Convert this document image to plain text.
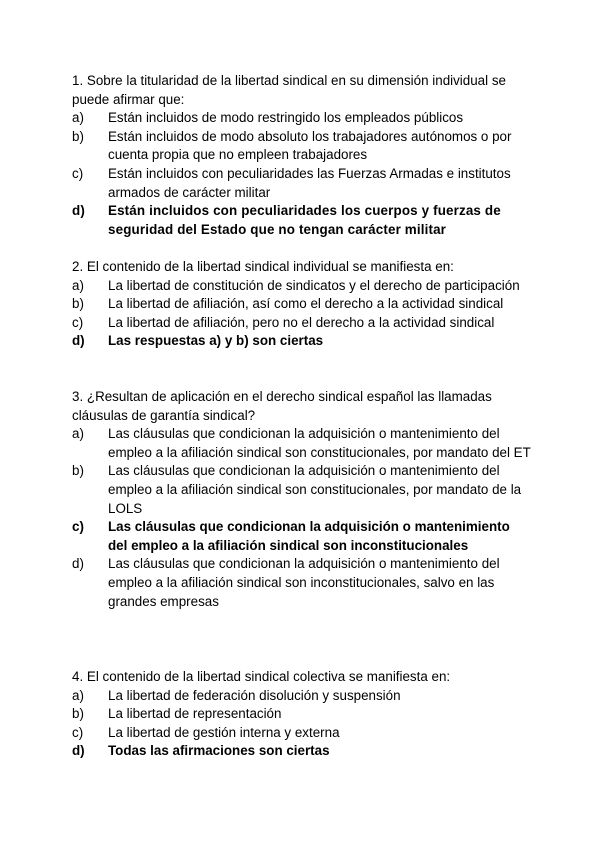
1. Sobre la titularidad de la libertad sindical en su dimensión individual se puede afirmar que:

a) Están incluidos de modo restringido los empleados públicos
b) Están incluidos de modo absoluto los trabajadores autónomos o por cuenta propia que no empleen trabajadores
c) Están incluidos con peculiaridades las Fuerzas Armadas e institutos armados de carácter militar
d) Están incluidos con peculiaridades los cuerpos y fuerzas de seguridad del Estado que no tengan carácter militar

2. El contenido de la libertad sindical individual se manifiesta en:

a) La libertad de constitución de sindicatos y el derecho de participación
b) La libertad de afiliación, así como el derecho a la actividad sindical
c) La libertad de afiliación, pero no el derecho a la actividad sindical
d) Las respuestas a) y b) son ciertas

3. ¿Resultan de aplicación en el derecho sindical español las llamadas cláusulas de garantía sindical?

a) Las cláusulas que condicionan la adquisición o mantenimiento del empleo a la afiliación sindical son constitucionales, por mandato del ET
b) Las cláusulas que condicionan la adquisición o mantenimiento del empleo a la afiliación sindical son constitucionales, por mandato de la LOLS
c) Las cláusulas que condicionan la adquisición o mantenimiento del empleo a la afiliación sindical son inconstitucionales
d) Las cláusulas que condicionan la adquisición o mantenimiento del empleo a la afiliación sindical son inconstitucionales, salvo en las grandes empresas

4. El contenido de la libertad sindical colectiva se manifiesta en:

a) La libertad de federación disolución y suspensión
b) La libertad de representación
c) La libertad de gestión interna y externa
d) Todas las afirmaciones son ciertas
